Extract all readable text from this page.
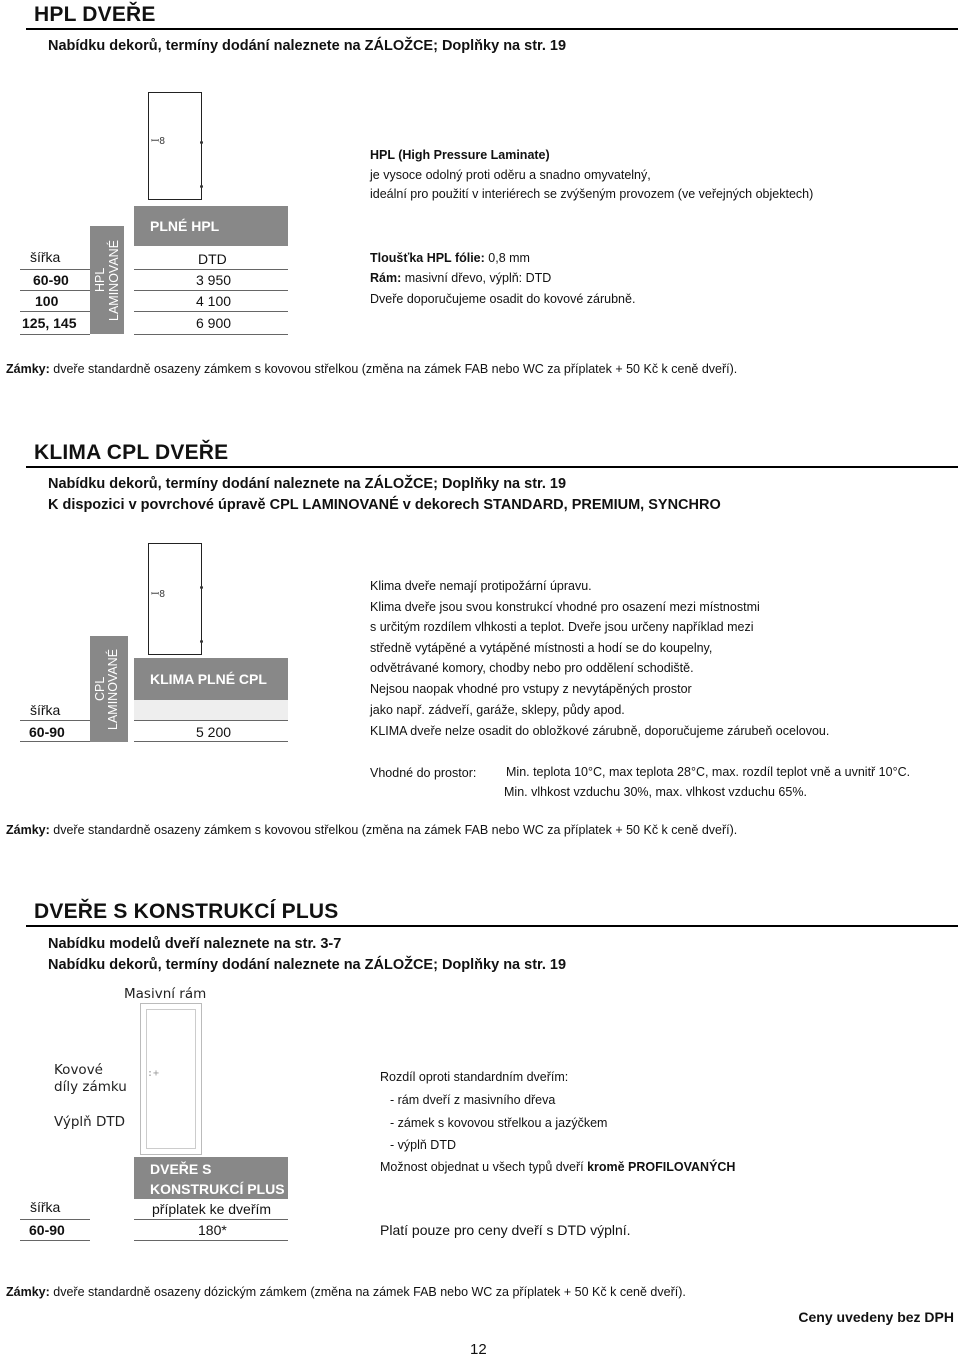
HPL DVEŘE
Nabídku dekorů, termíny dodání naleznete na ZÁLOŽCE; Doplňky na str. 19
ꟷ8
HPL (High Pressure Laminate)
je vysoce odolný proti oděru a snadno omyvatelný,
ideální pro použití v interiérech se zvýšeným provozem (ve veřejných objektech)
PLNÉ HPL
HPL LAMINOVANÉ
šířka	DTD
60-90	3 950
100	4 100
125, 145	6 900
Tloušťka HPL fólie: 0,8 mm
Rám: masivní dřevo, výplň: DTD
Dveře doporučujeme osadit do kovové zárubně.
Zámky: dveře standardně osazeny zámkem s kovovou střelkou (změna na zámek FAB nebo WC za příplatek + 50 Kč k ceně dveří).
KLIMA CPL DVEŘE
Nabídku dekorů, termíny dodání naleznete na ZÁLOŽCE; Doplňky na str. 19
K dispozici v povrchové úpravě CPL LAMINOVANÉ v dekorech STANDARD, PREMIUM, SYNCHRO
ꟷ8
CPL LAMINOVANÉ	KLIMA PLNÉ CPL
šířka
60-90	5 200
Klima dveře nemají protipožární úpravu.
Klima dveře jsou svou konstrukcí vhodné pro osazení mezi místnostmi
s určitým rozdílem vlhkosti a teplot. Dveře jsou určeny například mezi
středně vytápěné a vytápěné místnosti a hodí se do koupelny,
odvětrávané komory, chodby nebo pro oddělení schodiště.
Nejsou naopak vhodné pro vstupy z nevytápěných prostor
jako např. zádveří, garáže, sklepy, půdy apod.
KLIMA dveře nelze osadit do obložkové zárubně, doporučujeme zárubeň ocelovou.
Vhodné do prostor: Min. teplota 10°C, max teplota 28°C, max. rozdíl teplot vně a uvnitř 10°C.
Min. vlhkost vzduchu 30%, max. vlhkost vzduchu 65%.
Zámky: dveře standardně osazeny zámkem s kovovou střelkou (změna na zámek FAB nebo WC za příplatek + 50 Kč k ceně dveří).
DVEŘE S KONSTRUKCÍ PLUS
Nabídku modelů dveří naleznete na str. 3-7
Nabídku dekorů, termíny dodání naleznete na ZÁLOŽCE; Doplňky na str. 19
Masivní rám
:+
Kovové
díly zámku
Výplň DTD
DVEŘE S
KONSTRUKCÍ PLUS
šířka	příplatek ke dveřím
60-90	180*
Rozdíl oproti standardním dveřím:
- rám dveří z masivního dřeva
- zámek s kovovou střelkou a jazýčkem
- výplň DTD
Možnost objednat u všech typů dveří kromě PROFILOVANÝCH
Platí pouze pro ceny dveří s DTD výplní.
Zámky: dveře standardně osazeny dózickým zámkem (změna na zámek FAB nebo WC za příplatek + 50 Kč k ceně dveří).
Ceny uvedeny bez DPH
12
